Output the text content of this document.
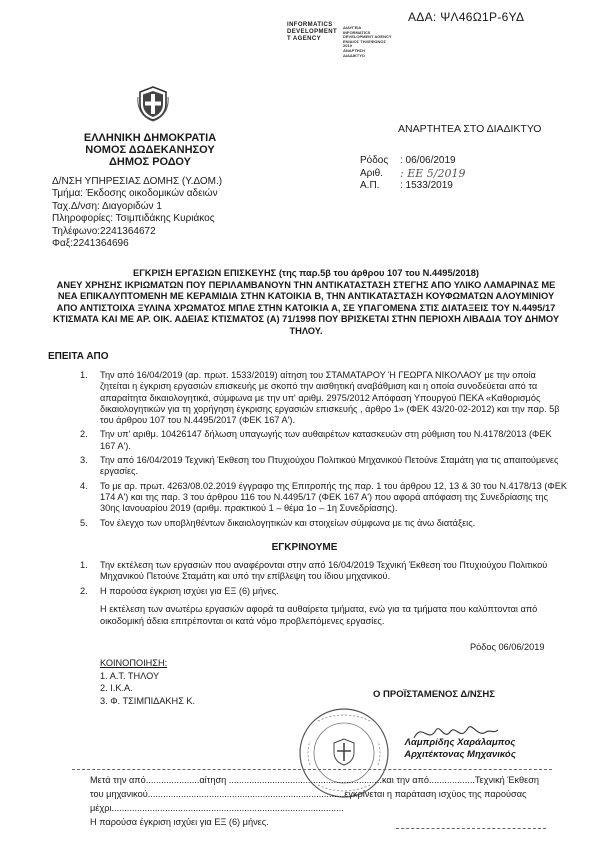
ΑΔΑ: ΨΛ46Ω1Ρ-6ΥΔ
INFORMATICS
DEVELOPMENT
T AGENCY
ΔΙΑΥΓΕΙΑ
INFORMATICS
DEVELOPMENT AGENCY
ΕΝΙΑΙΟΣ ΤΗΛΕΦΩΝΟΣ
2019
ΑΝΑΡΤΗΣΗ
ΔΙΑΔΙΚΤΥΟ
ΕΛΛΗΝΙΚΗ ΔΗΜΟΚΡΑΤΙΑ
ΝΟΜΟΣ ΔΩΔΕΚΑΝΗΣΟΥ
ΔΗΜΟΣ ΡΟΔΟΥ
Δ/ΝΣΗ ΥΠΗΡΕΣΙΑΣ ΔΟΜΗΣ (Υ.ΔΟΜ.)
Τμήμα: Έκδοσης οικοδομικών αδειών
Ταχ.Δ/νση: Διαγοριδών 1
Πληροφορίες: Τσιμπιδάκης Κυριάκος
Τηλέφωνο:2241364672
Φαξ:2241364696
ΑΝΑΡΤΗΤΕΑ ΣΤΟ ΔΙΑΔΙΚΤΥΟ
Ρόδος	: 06/06/2019
Αριθ.	: ΕΕ 5/2019
Α.Π.	: 1533/2019
ΕΓΚΡΙΣΗ ΕΡΓΑΣΙΩΝ ΕΠΙΣΚΕΥΗΣ (της παρ.5β του άρθρου 107 του Ν.4495/2018)
ΑΝΕΥ ΧΡΗΣΗΣ ΙΚΡΙΩΜΑΤΩΝ ΠΟΥ ΠΕΡΙΛΑΜΒΑΝΟΥΝ ΤΗΝ ΑΝΤΙΚΑΤΑΣΤΑΣΗ ΣΤΕΓΗΣ ΑΠΟ ΥΛΙΚΟ ΛΑΜΑΡΙΝΑΣ ΜΕ ΝΕΑ ΕΠΙΚΑΛΥΠΤΟΜΕΝΗ ΜΕ ΚΕΡΑΜΙΔΙΑ ΣΤΗΝ ΚΑΤΟΙΚΙΑ Β, ΤΗΝ ΑΝΤΙΚΑΤΑΣΤΑΣΗ ΚΟΥΦΩΜΑΤΩΝ ΑΛΟΥΜΙΝΙΟΥ ΑΠΟ ΑΝΤΙΣΤΟΙΧΑ ΞΥΛΙΝΑ ΧΡΩΜΑΤΟΣ ΜΠΛΕ ΣΤΗΝ ΚΑΤΟΙΚΙΑ Α, ΣΕ ΥΠΑΓΟΜΕΝΑ ΣΤΙΣ ΔΙΑΤΑΞΕΙΣ ΤΟΥ Ν.4495/17 ΚΤΙΣΜΑΤΑ ΚΑΙ ΜΕ ΑΡ. ΟΙΚ. ΑΔΕΙΑΣ ΚΤΙΣΜΑΤΟΣ (Α) 71/1998 ΠΟΥ ΒΡΙΣΚΕΤΑΙ ΣΤΗΝ ΠΕΡΙΟΧΗ ΛΙΒΑΔΙΑ ΤΟΥ ΔΗΜΟΥ ΤΗΛΟΥ.
ΕΠΕΙΤΑ ΑΠΟ
1.	Την από 16/04/2019 (αρ. πρωτ. 1533/2019) αίτηση του ΣΤΑΜΑΤΑΡΟΥ Ή ΓΕΩΡΓΑ ΝΙΚΟΛΑΟΥ με την οποία ζητείται η έγκριση εργασιών επισκευής με σκοπό την αισθητική αναβάθμιση και η οποία συνοδεύεται από τα απαραίτητα δικαιολογητικά, σύμφωνα με την υπ' αριθμ. 2975/2012 Απόφαση Υπουργού ΠΕΚΑ «Καθορισμός δικαιολογητικών για τη χορήγηση έγκρισης εργασιών επισκευής , άρθρο 1» (ΦΕΚ 43/20-02-2012) και την παρ. 5β του άρθρου 107 του Ν.4495/2017 (ΦΕΚ 167 Α').
2.	Την υπ' αριθμ. 10426147 δήλωση υπαγωγής των αυθαιρέτων κατασκευών στη ρύθμιση του Ν.4178/2013 (ΦΕΚ 167 Α').
3.	Την από 16/04/2019 Τεχνική Έκθεση του Πτυχιούχου Πολιτικού Μηχανικού Πετούνε Σταμάτη για τις απαιτούμενες εργασίες.
4.	Το με αρ. πρωτ. 4263/08.02.2019 έγγραφο της Επιτροπής της παρ. 1 του άρθρου 12, 13 & 30 του Ν.4178/13 (ΦΕΚ 174 Α') και της παρ. 3 του άρθρου 116 του Ν.4495/17 (ΦΕΚ 167 Α') που αφορά απόφαση της Συνεδρίασης της 30ης Ιανουαρίου 2019 (αριθμ. πρακτικού 1 – θέμα 1ο – 1η Συνεδρίασης).
5.	Τον έλεγχο των υποβληθέντων δικαιολογητικών και στοιχείων σύμφωνα με τις άνω διατάξεις.
ΕΓΚΡΙΝΟΥΜΕ
1.	Την εκτέλεση των εργασιών που αναφέρονται στην από 16/04/2019 Τεχνική Έκθεση του Πτυχιούχου Πολιτικού Μηχανικού Πετούνε Σταμάτη και υπό την επίβλεψη του ίδιου μηχανικού.
2.	Η παρούσα έγκριση ισχύει για ΕΞ (6) μήνες.
Η εκτέλεση των ανωτέρω εργασιών αφορά τα αυθαίρετα τμήματα, ενώ για τα τμήματα που καλύπτονται από οικοδομική άδεια επιτρέπονται οι κατά νόμο προβλεπόμενες εργασίες.
Ρόδος 06/06/2019
ΚΟΙΝΟΠΟΙΗΣΗ:
1. Α.Τ. ΤΗΛΟΥ
2. Ι.Κ.Α.
3. Φ. ΤΣΙΜΠΙΔΑΚΗΣ Κ.
Ο ΠΡΟΪΣΤΑΜΕΝΟΣ Δ/ΝΣΗΣ
Λαμπρίδης Χαράλαμπος
Αρχιτέκτονας Μηχανικός
Μετά την από.....................αίτηση ............................................................και την από..................Τεχνική Έκθεση
του μηχανικού.............................................................................εγκρίνεται η παράταση ισχύος της παρούσας
μέχρι...........................................................................................
Η παρούσα έγκριση ισχύει για ΕΞ (6) μήνες.
